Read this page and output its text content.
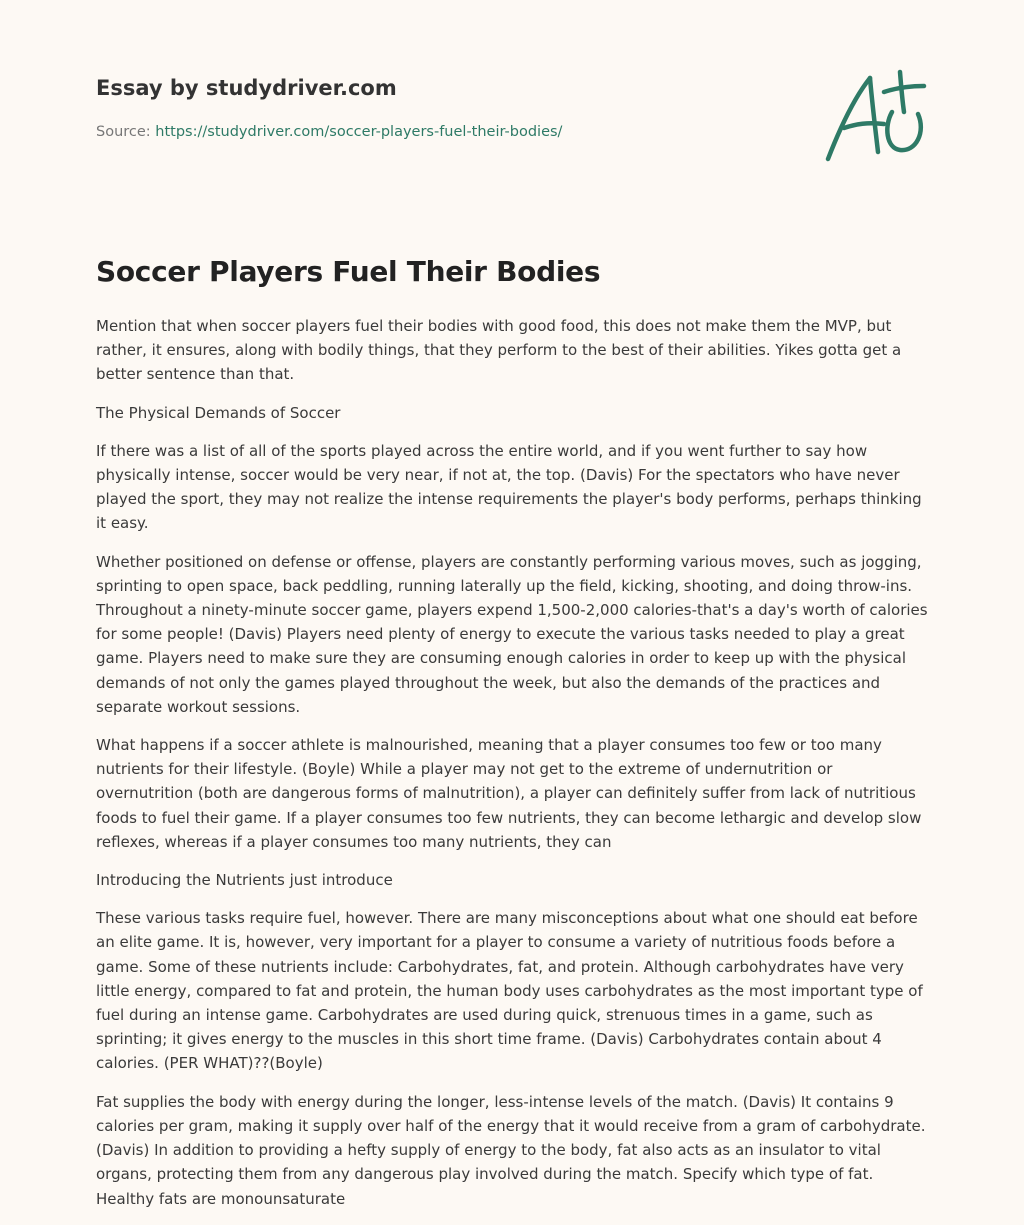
Essay by studydriver.com
Source: https://studydriver.com/soccer-players-fuel-their-bodies/
Soccer Players Fuel Their Bodies

Mention that when soccer players fuel their bodies with good food, this does not make them the MVP, but rather, it ensures, along with bodily things, that they perform to the best of their abilities. Yikes gotta get a better sentence than that.

The Physical Demands of Soccer

If there was a list of all of the sports played across the entire world, and if you went further to say how physically intense, soccer would be very near, if not at, the top. (Davis) For the spectators who have never played the sport, they may not realize the intense requirements the player's body performs, perhaps thinking it easy.

Whether positioned on defense or offense, players are constantly performing various moves, such as jogging, sprinting to open space, back peddling, running laterally up the field, kicking, shooting, and doing throw-ins. Throughout a ninety-minute soccer game, players expend 1,500-2,000 calories-that's a day's worth of calories for some people! (Davis) Players need plenty of energy to execute the various tasks needed to play a great game. Players need to make sure they are consuming enough calories in order to keep up with the physical demands of not only the games played throughout the week, but also the demands of the practices and separate workout sessions.

What happens if a soccer athlete is malnourished, meaning that a player consumes too few or too many nutrients for their lifestyle. (Boyle) While a player may not get to the extreme of undernutrition or overnutrition (both are dangerous forms of malnutrition), a player can definitely suffer from lack of nutritious foods to fuel their game. If a player consumes too few nutrients, they can become lethargic and develop slow reflexes, whereas if a player consumes too many nutrients, they can

Introducing the Nutrients just introduce

These various tasks require fuel, however. There are many misconceptions about what one should eat before an elite game. It is, however, very important for a player to consume a variety of nutritious foods before a game. Some of these nutrients include: Carbohydrates, fat, and protein. Although carbohydrates have very little energy, compared to fat and protein, the human body uses carbohydrates as the most important type of fuel during an intense game. Carbohydrates are used during quick, strenuous times in a game, such as sprinting; it gives energy to the muscles in this short time frame. (Davis) Carbohydrates contain about 4 calories. (PER WHAT)??(Boyle)

Fat supplies the body with energy during the longer, less-intense levels of the match. (Davis) It contains 9 calories per gram, making it supply over half of the energy that it would receive from a gram of carbohydrate. (Davis) In addition to providing a hefty supply of energy to the body, fat also acts as an insulator to vital organs, protecting them from any dangerous play involved during the match. Specify which type of fat. Healthy fats are monounsaturate
